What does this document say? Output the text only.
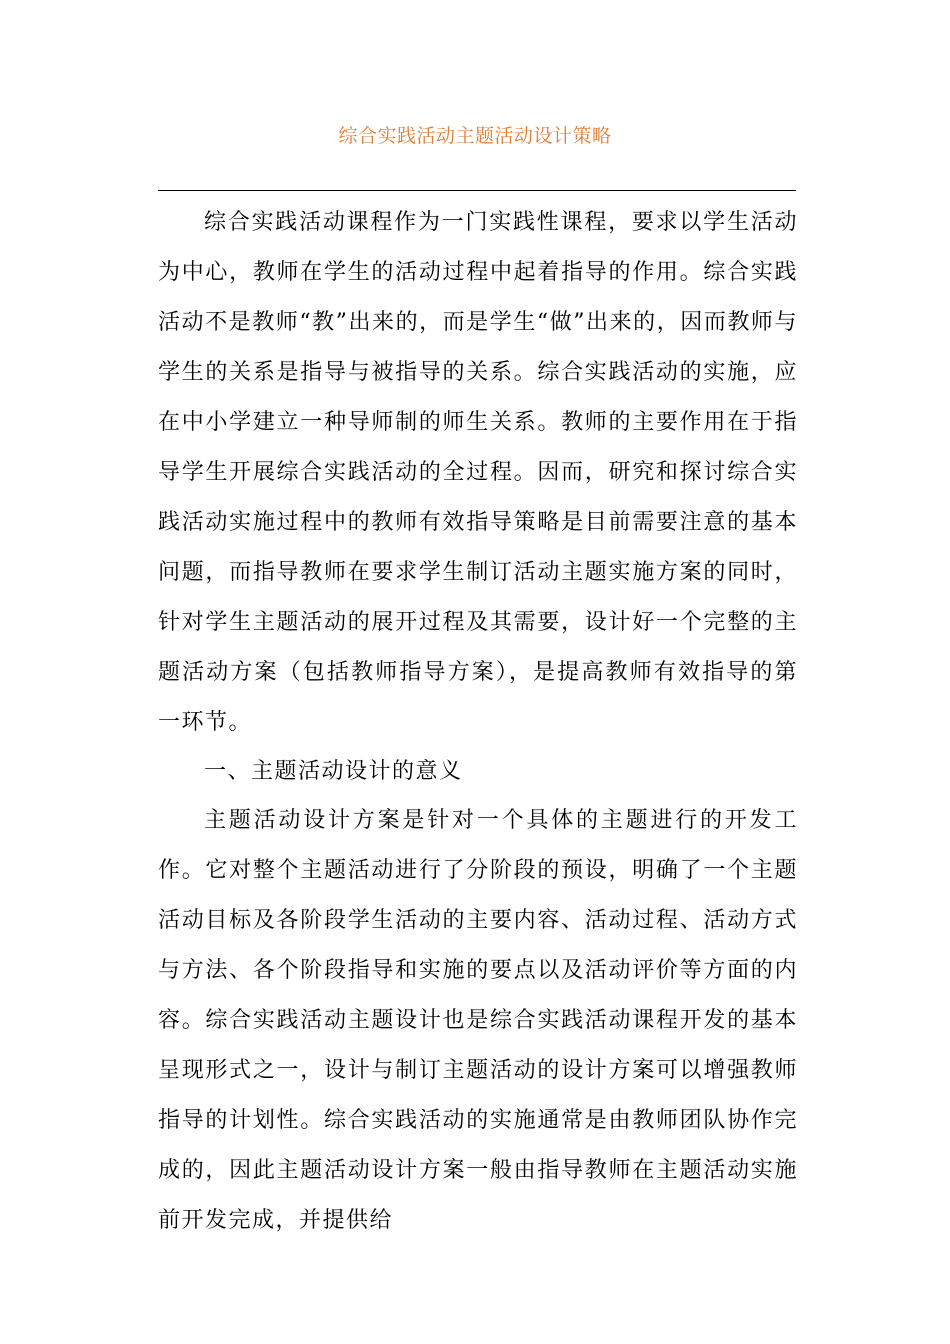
综合实践活动主题活动设计策略

综合实践活动课程作为一门实践性课程，要求以学生活动为中心，教师在学生的活动过程中起着指导的作用。综合实践活动不是教师“教”出来的，而是学生“做”出来的，因而教师与学生的关系是指导与被指导的关系。综合实践活动的实施，应在中小学建立一种导师制的师生关系。教师的主要作用在于指导学生开展综合实践活动的全过程。因而，研究和探讨综合实践活动实施过程中的教师有效指导策略是目前需要注意的基本问题，而指导教师在要求学生制订活动主题实施方案的同时，针对学生主题活动的展开过程及其需要，设计好一个完整的主题活动方案（包括教师指导方案），是提高教师有效指导的第一环节。

一、主题活动设计的意义

主题活动设计方案是针对一个具体的主题进行的开发工作。它对整个主题活动进行了分阶段的预设，明确了一个主题活动目标及各阶段学生活动的主要内容、活动过程、活动方式与方法、各个阶段指导和实施的要点以及活动评价等方面的内容。综合实践活动主题设计也是综合实践活动课程开发的基本呈现形式之一，设计与制订主题活动的设计方案可以增强教师指导的计划性。综合实践活动的实施通常是由教师团队协作完成的，因此主题活动设计方案一般由指导教师在主题活动实施前开发完成，并提供给
